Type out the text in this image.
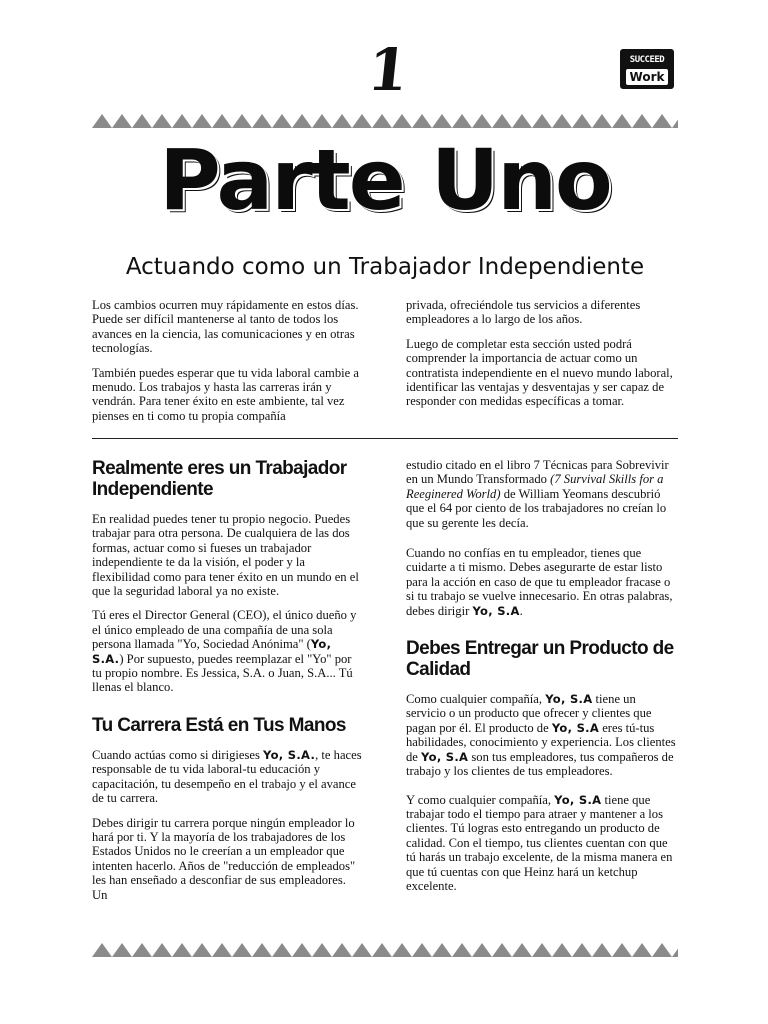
1	SUCCEED
Work
Parte Uno
Actuando como un Trabajador Independiente

Los cambios ocurren muy rápidamente en estos días. Puede ser difícil mantenerse al tanto de todos los avances en la ciencia, las comunicaciones y en otras tecnologías.

También puedes esperar que tu vida laboral cambie a menudo. Los trabajos y hasta las carreras irán y vendrán. Para tener éxito en este ambiente, tal vez pienses en ti como tu propia compañía

privada, ofreciéndole tus servicios a diferentes empleadores a lo largo de los años.

Luego de completar esta sección usted podrá comprender la importancia de actuar como un contratista independiente en el nuevo mundo laboral, identificar las ventajas y desventajas y ser capaz de responder con medidas específicas a tomar.

Realmente eres un Trabajador Independiente

En realidad puedes tener tu propio negocio. Puedes trabajar para otra persona. De cualquiera de las dos formas, actuar como si fueses un trabajador independiente te da la visión, el poder y la flexibilidad como para tener éxito en un mundo en el que la seguridad laboral ya no existe.

Tú eres el Director General (CEO), el único dueño y el único empleado de una compañía de una sola persona llamada "Yo, Sociedad Anónima" (Yo, S.A.) Por supuesto, puedes reemplazar el "Yo" por tu propio nombre. Es Jessica, S.A. o Juan, S.A... Tú llenas el blanco.

Tu Carrera Está en Tus Manos

Cuando actúas como si dirigieses Yo, S.A., te haces responsable de tu vida laboral-tu educación y capacitación, tu desempeño en el trabajo y el avance de tu carrera.

Debes dirigir tu carrera porque ningún empleador lo hará por ti. Y la mayoría de los trabajadores de los Estados Unidos no le creerían a un empleador que intenten hacerlo. Años de "reducción de empleados" les han enseñado a desconfiar de sus empleadores. Un

estudio citado en el libro 7 Técnicas para Sobrevivir en un Mundo Transformado (7 Survival Skills for a Reeginered World) de William Yeomans descubrió que el 64 por ciento de los trabajadores no creían lo que su gerente les decía.

Cuando no confías en tu empleador, tienes que cuidarte a ti mismo. Debes asegurarte de estar listo para la acción en caso de que tu empleador fracase o si tu trabajo se vuelve innecesario. En otras palabras, debes dirigir Yo, S.A.

Debes Entregar un Producto de Calidad

Como cualquier compañía, Yo, S.A tiene un servicio o un producto que ofrecer y clientes que pagan por él. El producto de Yo, S.A eres tú-tus habilidades, conocimiento y experiencia. Los clientes de Yo, S.A son tus empleadores, tus compañeros de trabajo y los clientes de tus empleadores.

Y como cualquier compañía, Yo, S.A tiene que trabajar todo el tiempo para atraer y mantener a los clientes. Tú logras esto entregando un producto de calidad. Con el tiempo, tus clientes cuentan con que tú harás un trabajo excelente, de la misma manera en que tú cuentas con que Heinz hará un ketchup excelente.
